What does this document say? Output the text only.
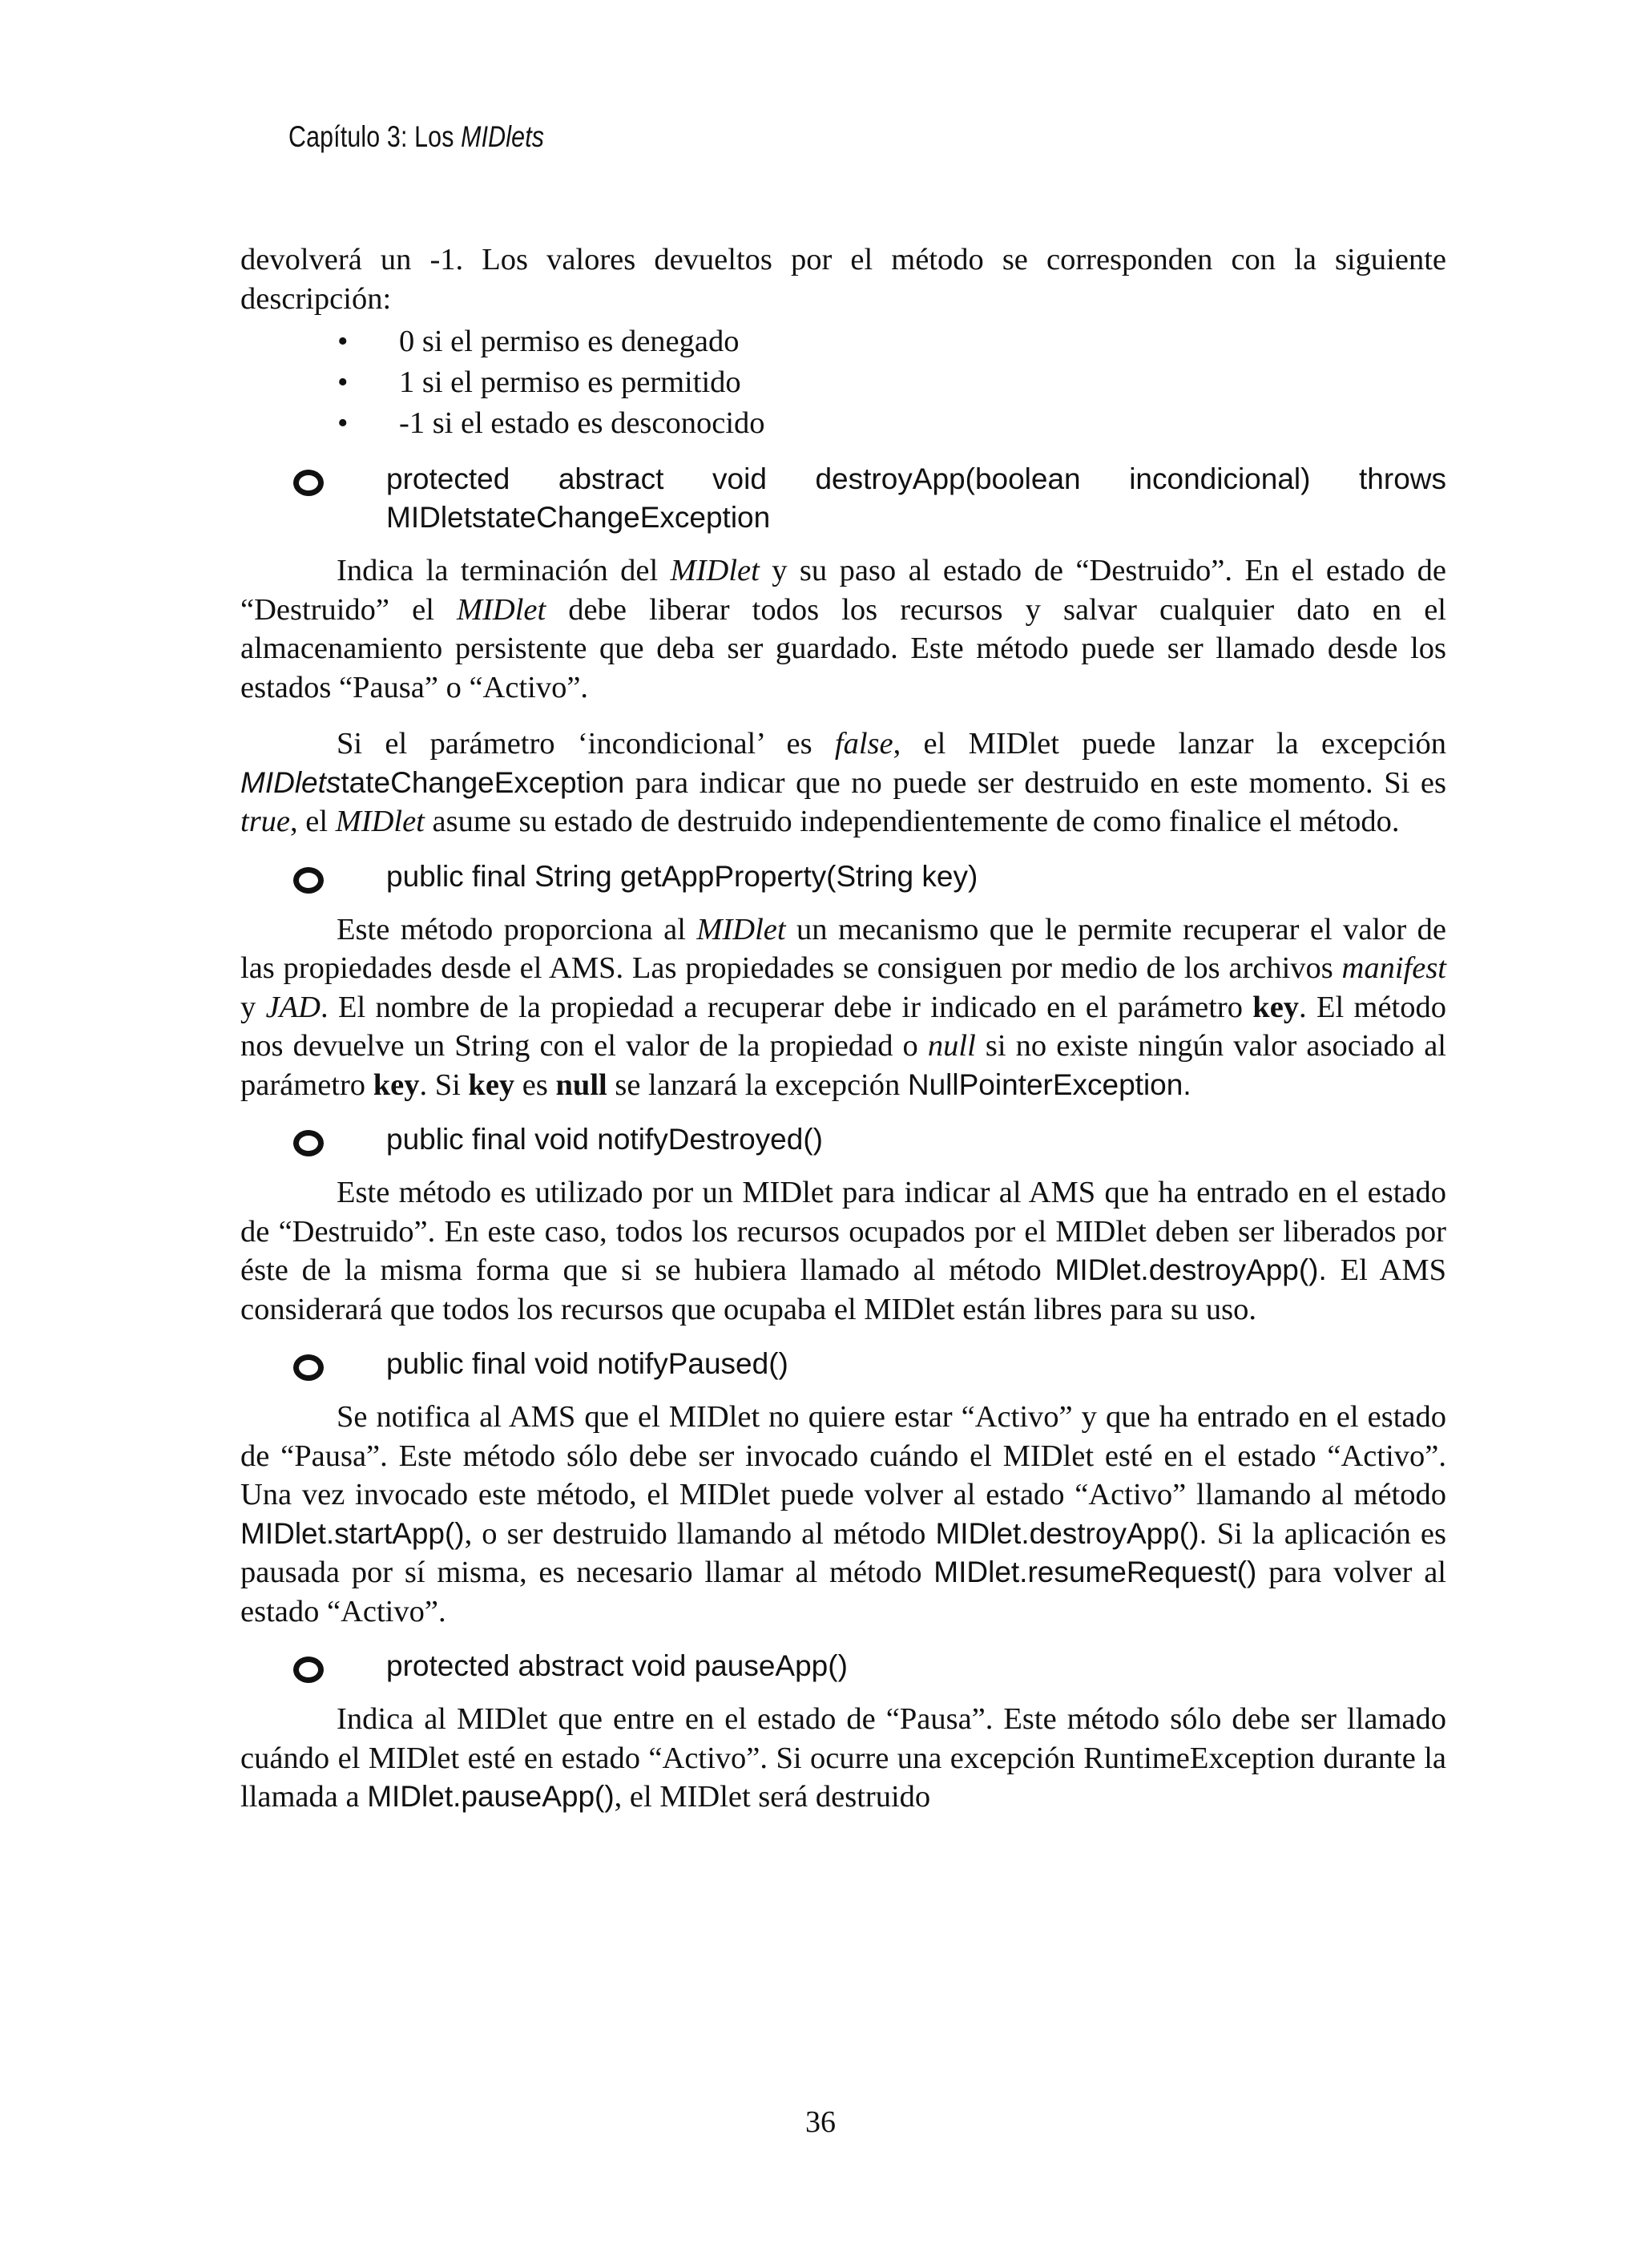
Capítulo 3: Los MIDlets

devolverá un -1. Los valores devueltos por el método se corresponden con la siguiente descripción:

• 0 si el permiso es denegado
• 1 si el permiso es permitido
• -1 si el estado es desconocido
protected abstract void destroyApp(boolean incondicional) throws MIDletstateChangeException

Indica la terminación del MIDlet y su paso al estado de “Destruido”. En el estado de “Destruido” el MIDlet debe liberar todos los recursos y salvar cualquier dato en el almacenamiento persistente que deba ser guardado. Este método puede ser llamado desde los estados “Pausa” o “Activo”.

Si el parámetro ‘incondicional’ es false, el MIDlet puede lanzar la excepción MIDletstateChangeException para indicar que no puede ser destruido en este momento. Si es true, el MIDlet asume su estado de destruido independientemente de como finalice el método.

public final String getAppProperty(String key)

Este método proporciona al MIDlet un mecanismo que le permite recuperar el valor de las propiedades desde el AMS. Las propiedades se consiguen por medio de los archivos manifest y JAD. El nombre de la propiedad a recuperar debe ir indicado en el parámetro key. El método nos devuelve un String con el valor de la propiedad o null si no existe ningún valor asociado al parámetro key. Si key es null se lanzará la excepción NullPointerException.

public final void notifyDestroyed()

Este método es utilizado por un MIDlet para indicar al AMS que ha entrado en el estado de “Destruido”. En este caso, todos los recursos ocupados por el MIDlet deben ser liberados por éste de la misma forma que si se hubiera llamado al método MIDlet.destroyApp(). El AMS considerará que todos los recursos que ocupaba el MIDlet están libres para su uso.

public final void notifyPaused()

Se notifica al AMS que el MIDlet no quiere estar “Activo” y que ha entrado en el estado de “Pausa”. Este método sólo debe ser invocado cuándo el MIDlet esté en el estado “Activo”. Una vez invocado este método, el MIDlet puede volver al estado “Activo” llamando al método MIDlet.startApp(), o ser destruido llamando al método MIDlet.destroyApp(). Si la aplicación es pausada por sí misma, es necesario llamar al método MIDlet.resumeRequest() para volver al estado “Activo”.

protected abstract void pauseApp()

Indica al MIDlet que entre en el estado de “Pausa”. Este método sólo debe ser llamado cuándo el MIDlet esté en estado “Activo”. Si ocurre una excepción RuntimeException durante la llamada a MIDlet.pauseApp(), el MIDlet será destruido

36
